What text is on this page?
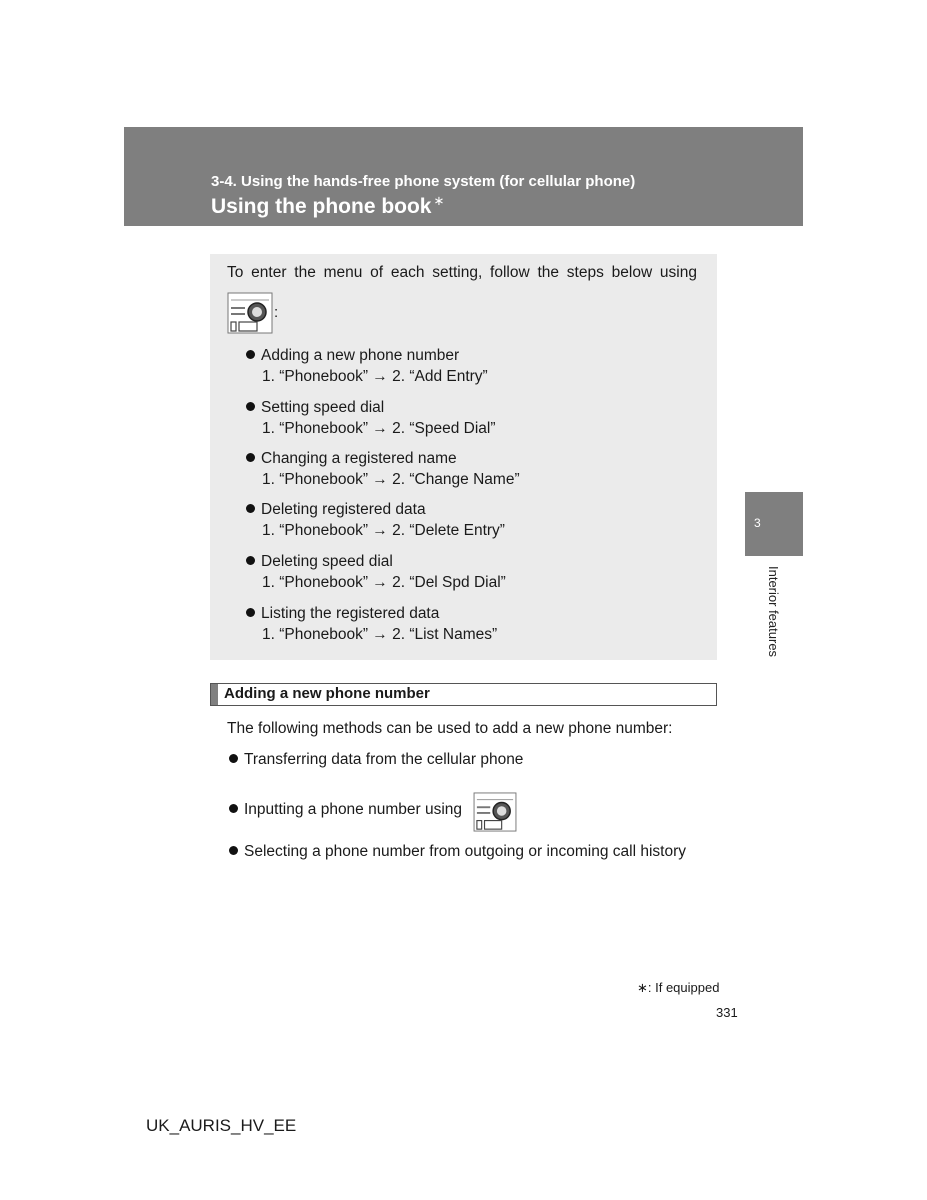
3-4. Using the hands-free phone system (for cellular phone)
Using the phone book ∗
3
Interior features
To enter the menu of each setting, follow the steps below using
:
Adding a new phone number
1. “Phonebook” → 2. “Add Entry”
Setting speed dial
1. “Phonebook” → 2. “Speed Dial”
Changing a registered name
1. “Phonebook” → 2. “Change Name”
Deleting registered data
1. “Phonebook” → 2. “Delete Entry”
Deleting speed dial
1. “Phonebook” → 2. “Del Spd Dial”
Listing the registered data
1. “Phonebook” → 2. “List Names”
Adding a new phone number
The following methods can be used to add a new phone number:
Transferring data from the cellular phone
Inputting a phone number using
Selecting a phone number from outgoing or incoming call history
∗: If equipped
331
UK_AURIS_HV_EE
